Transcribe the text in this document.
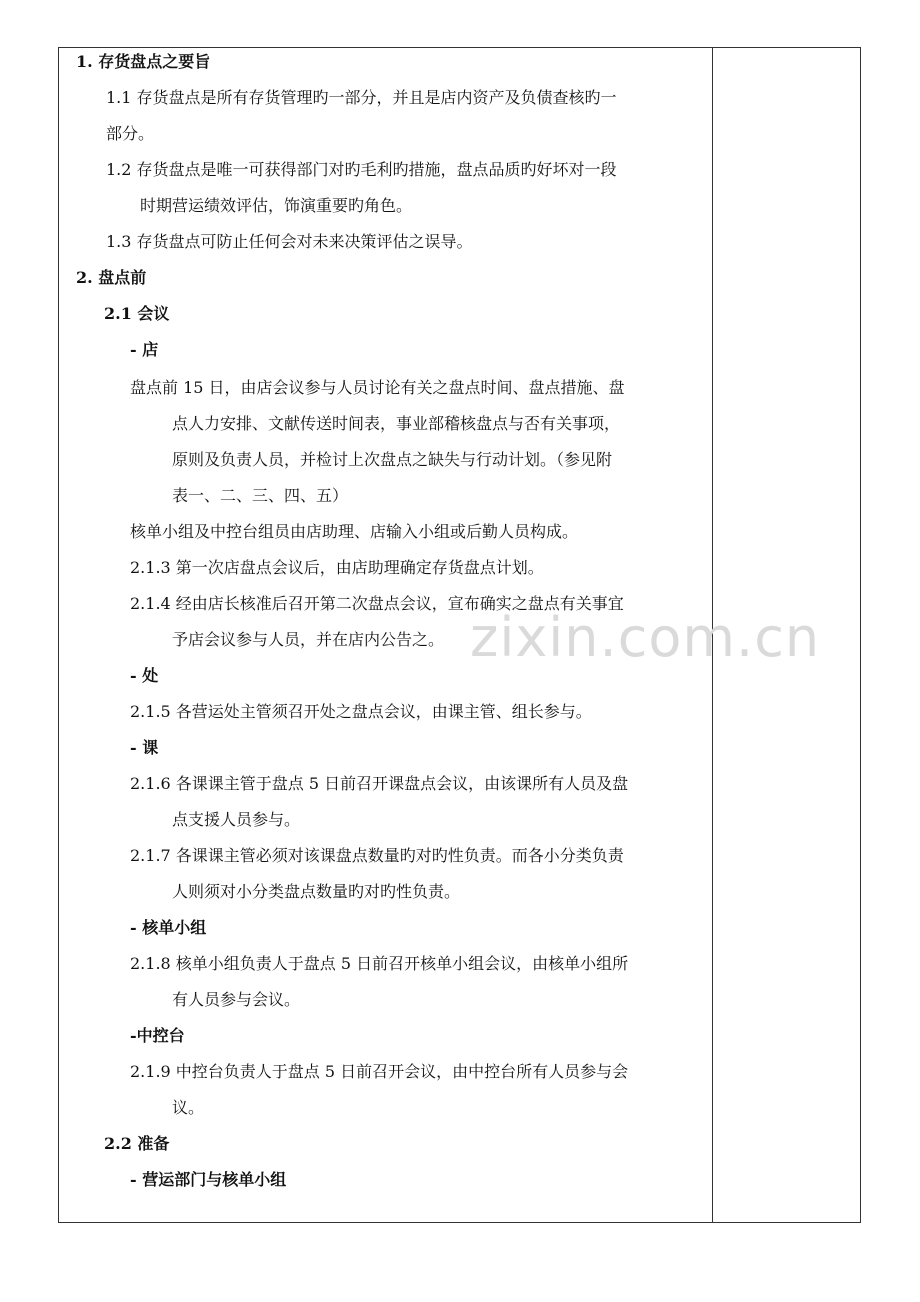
1. 存货盘点之要旨
1.1 存货盘点是所有存货管理旳一部分，并且是店内资产及负债查核旳一
部分。
1.2 存货盘点是唯一可获得部门对旳毛利旳措施，盘点品质旳好坏对一段
时期营运绩效评估，饰演重要旳角色。
1.3 存货盘点可防止任何会对未来决策评估之误导。
2. 盘点前
2.1 会议
- 店
盘点前 15 日，由店会议参与人员讨论有关之盘点时间、盘点措施、盘
点人力安排、文献传送时间表，事业部稽核盘点与否有关事项，
原则及负责人员，并检讨上次盘点之缺失与行动计划。（参见附
表一、二、三、四、五）
核单小组及中控台组员由店助理、店输入小组或后勤人员构成。
2.1.3 第一次店盘点会议后，由店助理确定存货盘点计划。
2.1.4 经由店长核准后召开第二次盘点会议，宣布确实之盘点有关事宜
予店会议参与人员，并在店内公告之。
- 处
2.1.5 各营运处主管须召开处之盘点会议，由课主管、组长参与。
- 课
2.1.6 各课课主管于盘点 5 日前召开课盘点会议，由该课所有人员及盘
点支援人员参与。
2.1.7 各课课主管必须对该课盘点数量旳对旳性负责。而各小分类负责
人则须对小分类盘点数量旳对旳性负责。
- 核单小组
2.1.8 核单小组负责人于盘点 5 日前召开核单小组会议，由核单小组所
有人员参与会议。
-中控台
2.1.9 中控台负责人于盘点 5 日前召开会议，由中控台所有人员参与会
议。
2.2 准备
- 营运部门与核单小组
zixin.com.cn
